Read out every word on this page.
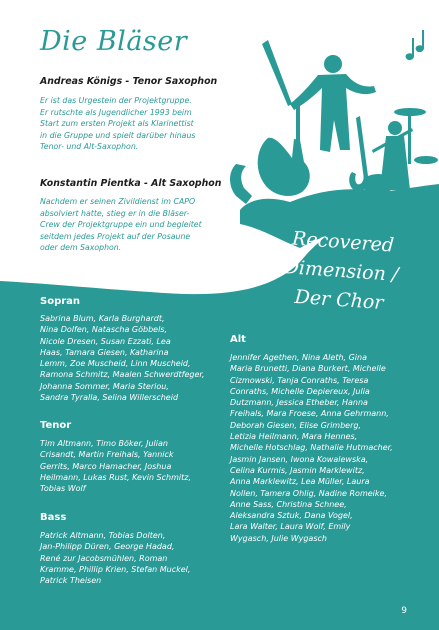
Die Bläser
Andreas Königs - Tenor Saxophon
Er ist das Urgestein der Projektgruppe.
Er rutschte als Jugendlicher 1993 beim
Start zum ersten Projekt als Klarinettist
in die Gruppe und spielt darüber hinaus
Tenor- und Alt-Saxophon.
Konstantin Pientka - Alt Saxophon
Nachdem er seinen Zivildienst im CAPO
absolviert hatte, stieg er in die Bläser-
Crew der Projektgruppe ein und begleitet
seitdem jedes Projekt auf der Posaune
oder dem Saxophon.	Recovered
Dimension /
Der Chor
Sopran
Sabrina Blum, Karla Burghardt,
Nina Dolfen, Natascha Göbbels,
Nicole Dresen, Susan Ezzati, Lea
Haas, Tamara Giesen, Katharina
Lemm, Zoe Muscheid, Linn Muscheid,
Ramona Schmitz, Maalen Schwerdtfeger,
Johanna Sommer, Maria Steriou,
Sandra Tyralla, Selina Willerscheid
Tenor
Tim Altmann, Timo Böker, Julian
Crisandt, Martin Freihals, Yannick
Gerrits, Marco Hamacher, Joshua
Heilmann, Lukas Rust, Kevin Schmitz,
Tobias Wolf
Bass
Patrick Altmann, Tobias Dolten,
Jan-Philipp Düren, George Hadad,
René zur Jacobsmühlen, Roman
Kramme, Phillip Krien, Stefan Muckel,
Patrick Theisen
Alt
Jennifer Agethen, Nina Aleth, Gina
Maria Brunetti, Diana Burkert, Michelle
Cizmowski, Tanja Conraths, Teresa
Conraths, Michelle Depiereux, Julia
Dutzmann, Jessica Etheber, Hanna
Freihals, Mara Froese, Anna Gehrmann,
Deborah Giesen, Elise Grimberg,
Letizia Heilmann, Mara Hennes,
Michelle Hotschlag, Nathalie Hutmacher,
Jasmin Jansen, Iwona Kowalewska,
Celina Kurmis, Jasmin Marklewitz,
Anna Marklewitz, Lea Müller, Laura
Nollen, Tamera Ohlig, Nadine Romeike,
Anne Sass, Christina Schnee,
Aleksandra Sztuk, Dana Vogel,
Lara Walter, Laura Wolf, Emily
Wygasch, Julie Wygasch
9
